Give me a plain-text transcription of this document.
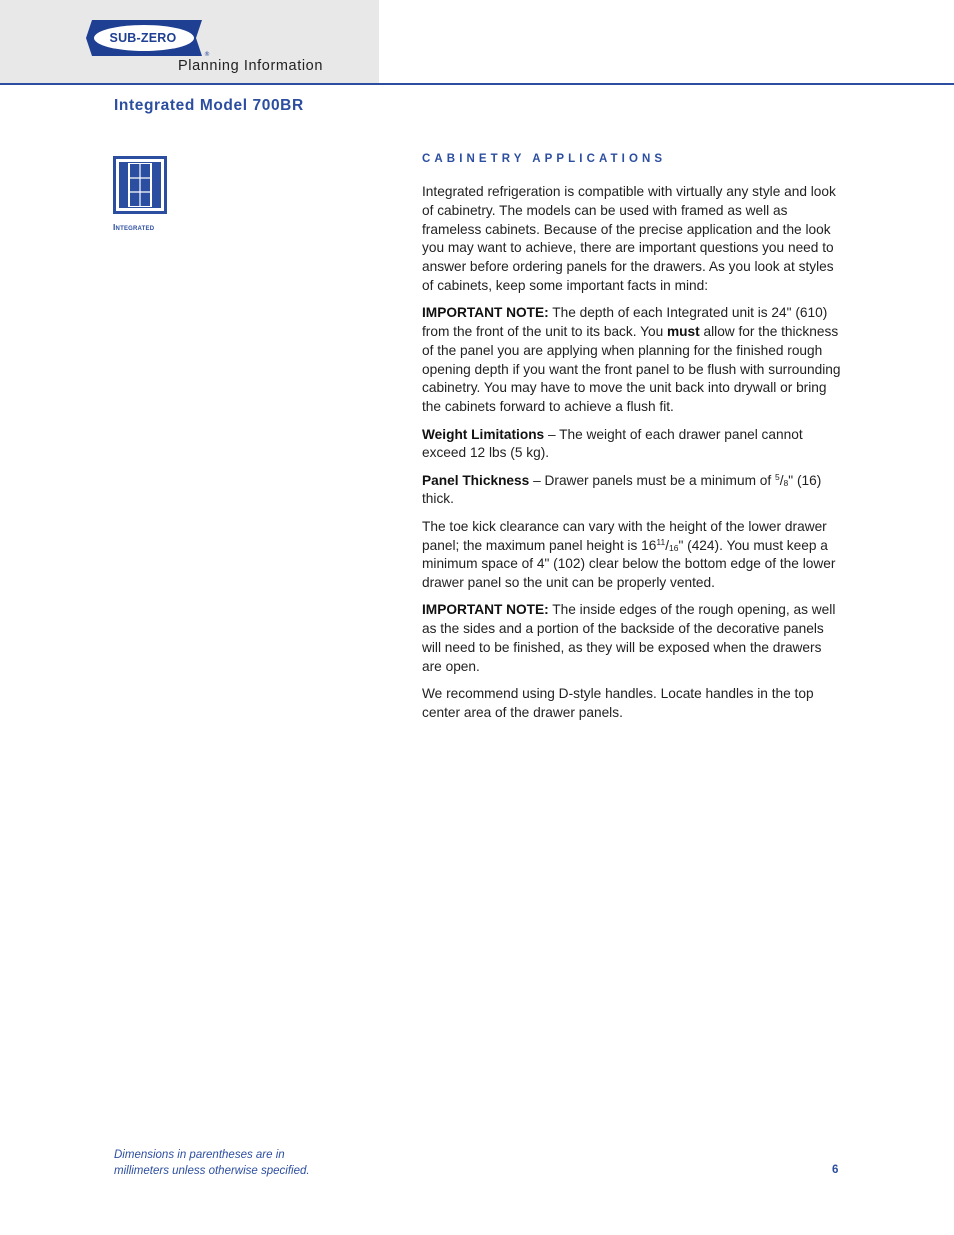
®
SUB-ZERO
Planning Information
Integrated Model 700BR
Integrated
CABINETRY APPLICATIONS

Integrated refrigeration is compatible with virtually any style and look of cabinetry. The models can be used with framed as well as frameless cabinets. Because of the precise application and the look you may want to achieve, there are important questions you need to answer before ordering panels for the drawers. As you look at styles of cabinets, keep some important facts in mind:

IMPORTANT NOTE: The depth of each Integrated unit is 24" (610) from the front of the unit to its back. You must allow for the thickness of the panel you are applying when planning for the finished rough opening depth if you want the front panel to be flush with surrounding cabinetry. You may have to move the unit back into drywall or bring the cabinets forward to achieve a flush fit.

Weight Limitations – The weight of each drawer panel cannot exceed 12 lbs (5 kg).

Panel Thickness – Drawer panels must be a minimum of $^5/_8$" (16) thick.

The toe kick clearance can vary with the height of the lower drawer panel; the maximum panel height is $16^{11}/_{16}$" (424). You must keep a minimum space of 4" (102) clear below the bottom edge of the lower drawer panel so the unit can be properly vented.

IMPORTANT NOTE: The inside edges of the rough opening, as well as the sides and a portion of the backside of the decorative panels will need to be finished, as they will be exposed when the drawers are open.

We recommend using D-style handles. Locate handles in the top center area of the drawer panels.

Dimensions in parentheses are in
millimeters unless otherwise specified.	6
